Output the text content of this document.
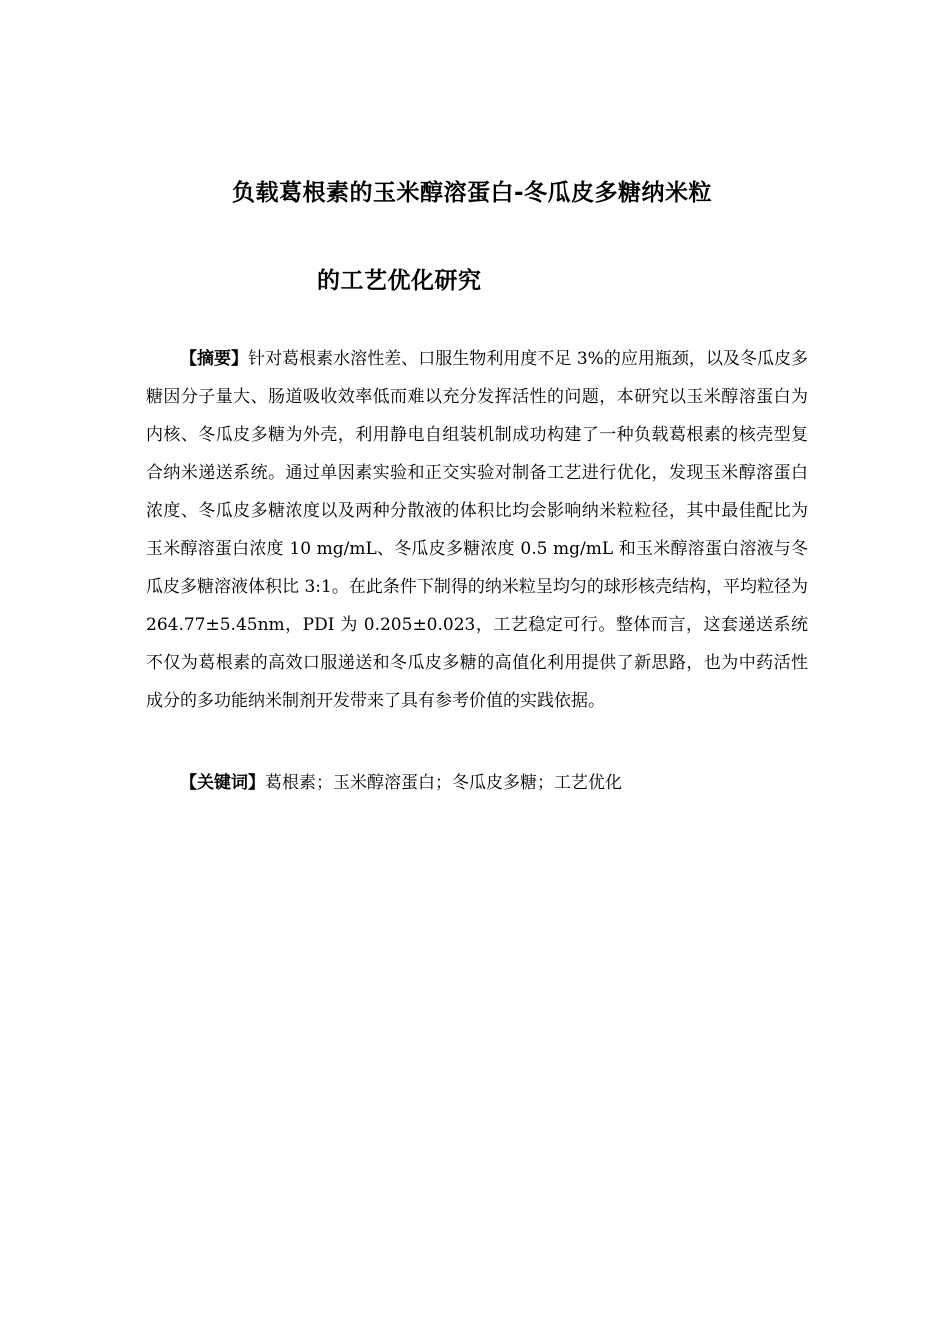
负载葛根素的玉米醇溶蛋白-冬瓜皮多糖纳米粒
的工艺优化研究

【摘要】针对葛根素水溶性差、口服生物利用度不足 3%的应用瓶颈，以及冬瓜皮多糖因分子量大、肠道吸收效率低而难以充分发挥活性的问题，本研究以玉米醇溶蛋白为内核、冬瓜皮多糖为外壳，利用静电自组装机制成功构建了一种负载葛根素的核壳型复合纳米递送系统。通过单因素实验和正交实验对制备工艺进行优化，发现玉米醇溶蛋白浓度、冬瓜皮多糖浓度以及两种分散液的体积比均会影响纳米粒粒径，其中最佳配比为玉米醇溶蛋白浓度 10 mg/mL、冬瓜皮多糖浓度 0.5 mg/mL 和玉米醇溶蛋白溶液与冬瓜皮多糖溶液体积比 3:1。在此条件下制得的纳米粒呈均匀的球形核壳结构，平均粒径为 264.77±5.45nm，PDI 为 0.205±0.023，工艺稳定可行。整体而言，这套递送系统不仅为葛根素的高效口服递送和冬瓜皮多糖的高值化利用提供了新思路，也为中药活性成分的多功能纳米制剂开发带来了具有参考价值的实践依据。

【关键词】葛根素；玉米醇溶蛋白；冬瓜皮多糖；工艺优化
